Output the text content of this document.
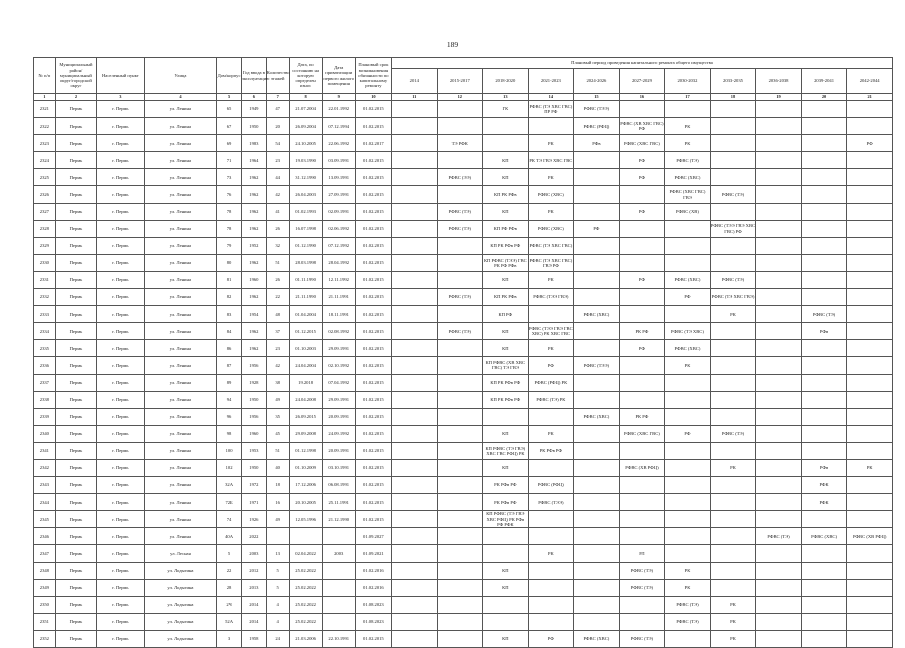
189
№ п/п	Муниципальный район/муниципальный округ/городской округ	Населенный пункт	Улица	Дом/корпус	Год ввода в эксплуатацию	Количество этажей	Дата, по состоянию на которую определен износ	Дата приватизации первого жилого помещения	Плановый срок возникновения обязанности по капитальному ремонту	Плановый период проведения капитального ремонта общего имущества										
										2014	2015-2017	2018-2020	2021-2023	2024-2026	2027-2029	2030-2032	2033-2035	2036-2038	2039-2041	2042-2044
1	2	3	4	5	6	7	8	9	10	11	12	13	14	15	16	17	18	19	20	21
2321	Пермь	г. Пермь	ул. Ленина	65	1949	47	21.07.2004	22.01.1992	01.02.2015			ГК	РФВС (ТЭ ХВС ГВС) ПР РФ	РФВС (ТЭЭ)						
2322	Пермь	г. Пермь	ул. Ленина	67	1950	20	26.09.2004	07.12.1994	01.02.2015					РФВС (РФЦ)	РФВС (ХВ ХВС ГВС) РФ	РК				
2323	Пермь	г. Пермь	ул. Ленина	69	1983	54	24.10.2005	22.06.1992	01.02.2017		ТЭ РФК		РК	РФв	РФВС (ХВС ГВС)	РК				РФ
2324	Пермь	г. Пермь	ул. Ленина	71	1964	23	19.03.1990	03.09.1991	01.02.2015			КП	РК ТЭ ГВЭ ХВС ГВС		РФ	РФВС (ТЭ)				
2325	Пермь	г. Пермь	ул. Ленина	73	1962	44	31.12.1990	13.09.1991	01.02.2015		РФВС (ЭЭ)	КП	РК		РФ	РФВС (ХВС)				
2326	Пермь	г. Пермь	ул. Ленина	76	1962	42	26.04.2003	27.09.1991	01.02.2015			КП РК РФв	РФВС (ХВС)			РФВС (ХВС ГВС) ГВЭ	РФВС (ТЭ)			
2327	Пермь	г. Пермь	ул. Ленина	78	1962	41	01.02.1993	02.09.1991	01.02.2015		РФВС (ТЭ)	КП	РК		РФ	РФВС (ХВ)				
2328	Пермь	г. Пермь	ул. Ленина	78	1962	26	16.07.1998	02.06.1992	01.02.2015		РФВС (ТЭ)	КП РФ РФв	РФВС (ХВС)	РФ			РФВС (ТЭЭ ГВЭ ХВС ГВС) РФ			
2329	Пермь	г. Пермь	ул. Ленина	79	1952	32	01.12.1990	07.12.1992	01.02.2015			КП РК РФв РФ	РФВС (ТЭ ХВС ГВС)							
2330	Пермь	г. Пермь	ул. Ленина	80	1962	51	28.03.1998	28.04.1992	01.02.2015			КП РФВС (ТЭЭ) ГВС РК РФ РФв	РФВС (ТЭ ХВС ГВС) ГВЭ РФ							
2331	Пермь	г. Пермь	ул. Ленина	81	1960	26	01.11.1990	12.11.1992	01.02.2015			КП	РК		РФ	РФВС (ХВС)	РФВС (ТЭ)			
2332	Пермь	г. Пермь	ул. Ленина	82	1962	22	21.11.1990	21.11.1991	01.02.2015		РФВС (ТЭ)	КП РК РФв	РФВС (ТЭЭ ГВЭ)			РФ	РФВС (ТЭ ХВС ГВЭ)			
2333	Пермь	г. Пермь	ул. Ленина	83	1954	48	01.04.2004	18.11.1991	01.02.2015			КП РФ		РФВС (ХВС)			РК		РФВС (ТЭ)	
2334	Пермь	г. Пермь	ул. Ленина	84	1962	37	01.12.2015	02.08.1992	01.02.2015		РФВС (ТЭ)	КП	РФВС (ТЭЭ ГВЭ ГВС ХВС) РК ХВС ГВС		РК РФ	РФВС (ТЭ ХВС)			РФв	
2335	Пермь	г. Пермь	ул. Ленина	86	1962	23	01.10.2003	29.09.1991	01.02.2015			КП	РК		РФ	РФВС (ХВС)				
2336	Пермь	г. Пермь	ул. Ленина	87	1956	42	24.04.2004	02.10.1992	01.02.2015			КП РФВС (ХВ ХВС ГВС) ТЭ ГВЭ	РФ	РФВС (ТЭЭ)		РК				
2337	Пермь	г. Пермь	ул. Ленина	89	1928	38	19.2018	07.04.1992	01.02.2015			КП РК РФв РФ	РФВС (РФЦ) РК							
2338	Пермь	г. Пермь	ул. Ленина	94	1950	49	24.04.2008	29.09.1991	01.02.2015			КП РК РФв РФ	РФВС (ТЭ) РК							
2339	Пермь	г. Пермь	ул. Ленина	96	1956	35	26.09.2015	20.09.1991	01.02.2015					РФВС (ХВС)	РК РФ					
2340	Пермь	г. Пермь	ул. Ленина	98	1960	45	29.09.2008	24.09.1992	01.02.2015			КП	РК		РФВС (ХВС ГВС)	РФ	РФВС (ТЭ)			
2341	Пермь	г. Пермь	ул. Ленина	100	1953	51	01.12.1998	20.09.1991	01.02.2015			КП РФВС (ТЭ ГВЭ) ХВС ГВС РФЦ) РК	РК РФв РФ							
2342	Пермь	г. Пермь	ул. Ленина	102	1950	40	01.10.2009	03.10.1991	01.02.2015			КП			РФВС (ХВ РФЦ)		РК		РФв	РК
2343	Пермь	г. Пермь	ул. Ленина	32А	1972	18	17.12.2006	06.08.1991	01.02.2015			РК РФв РФ	РФВС (РФЦ)						РФК	
2344	Пермь	г. Пермь	ул. Ленина	72Б	1971	16	20.10.2005	25.11.1991	01.02.2015			РК РФв РФ	РФВС (ТЭЭ)						РФК	
2345	Пермь	г. Пермь	ул. Ленина	74	1926	49	12.05.1996	21.12.1990	01.02.2015			КП РФВС (ТЭ ГВЭ ХВС РФЦ) РК РФв РФ РФК								
2346	Пермь	г. Пермь	ул. Ленина	40А	2022				01.09.2027									РФВС (ТЭ)	РФВС (ХВС)	РФВС (ХВ РФЦ)
2347	Пермь	г. Пермь	ул. Лесная	5	2003	13	02.04.2022	2003	01.09.2021				РК		РЛ					
2348	Пермь	г. Пермь	ул. Лодыгина	22	2012	5	25.02.2022		01.02.2016			КП			РФВС (ТЭ)	РК				
2349	Пермь	г. Пермь	ул. Лодыгина	28	2013	5	25.02.2022		01.02.2016			КП			РФВС (ТЭ)	РК				
2350	Пермь	г. Пермь	ул. Лодыгина	2Ч	2014	4	25.02.2022		01.08.2023							РФВС (ТЭ)	РК			
2351	Пермь	г. Пермь	ул. Лодыгина	52А	2014	4	25.02.2022		01.08.2023							РФВС (ТЭ)	РК			
2352	Пермь	г. Пермь	ул. Лодыгина	3	1958	24	21.03.2006	22.10.1991	01.02.2015			КП	РФ	РФВС (ХВС)	РФВС (ТЭ)		РК			
